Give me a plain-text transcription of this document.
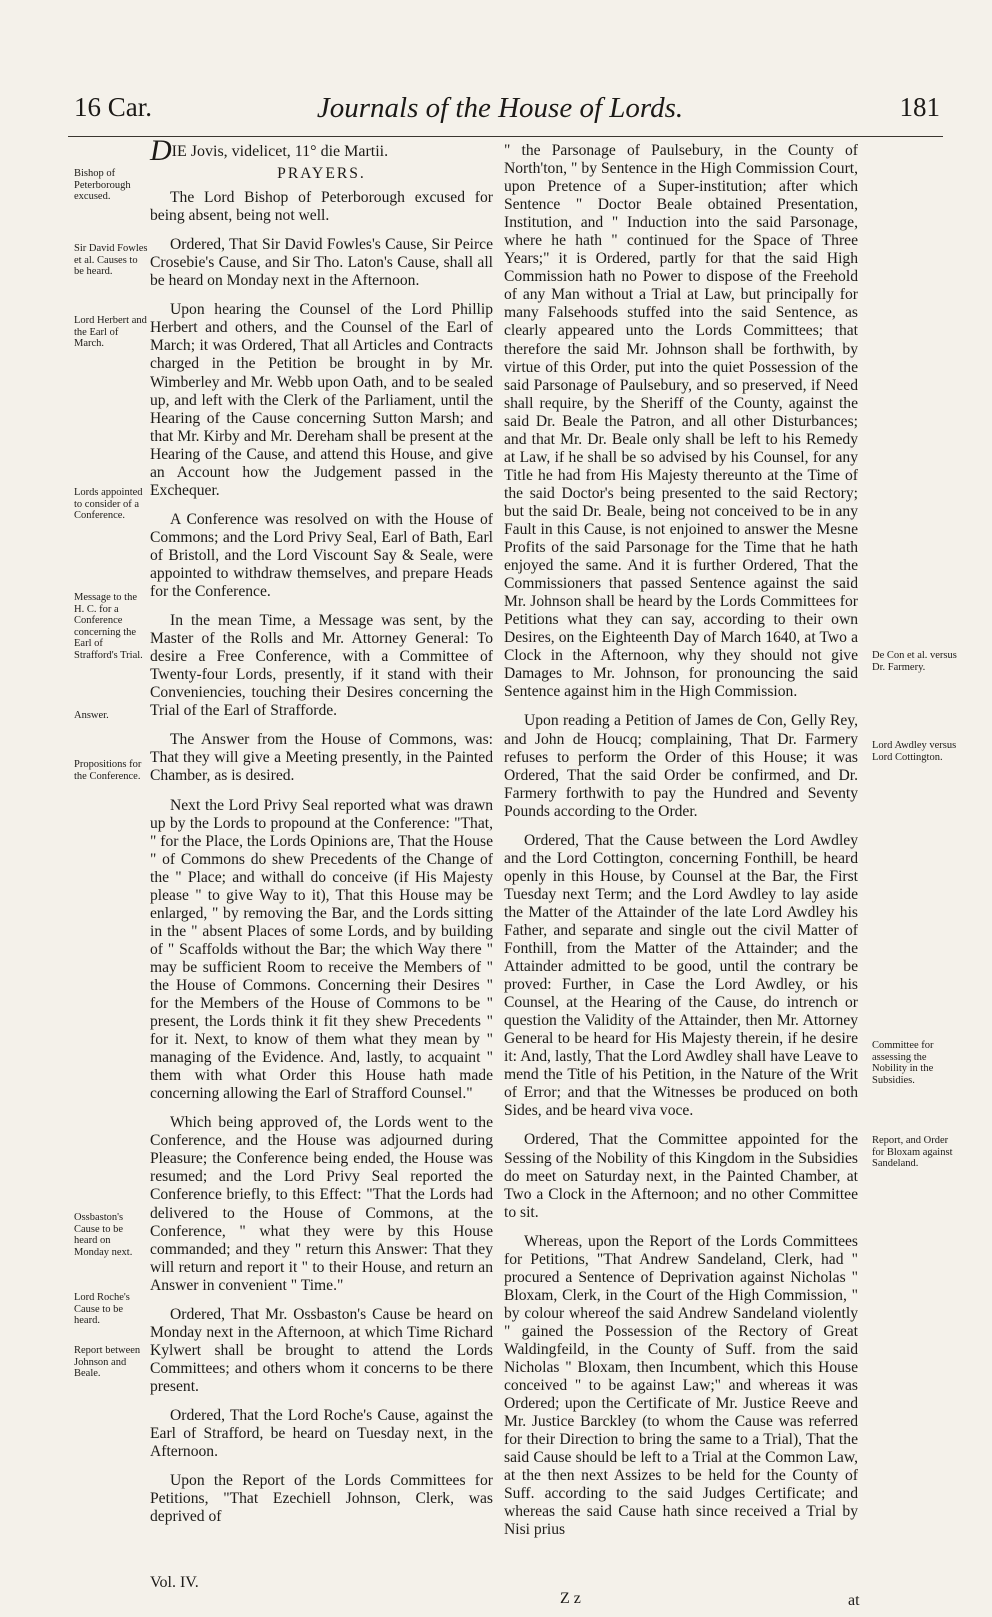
16 Car.	Journals of the House of Lords.	181
DIE Jovis, videlicet, 11° die Martii.
PRAYERS.

The Lord Bishop of Peterborough excused for being absent, being not well.

Ordered, That Sir David Fowles's Cause, Sir Peirce Crosebie's Cause, and Sir Tho. Laton's Cause, shall all be heard on Monday next in the Afternoon.

Upon hearing the Counsel of the Lord Phillip Herbert and others, and the Counsel of the Earl of March; it was Ordered, That all Articles and Contracts charged in the Petition be brought in by Mr. Wimberley and Mr. Webb upon Oath, and to be sealed up, and left with the Clerk of the Parliament, until the Hearing of the Cause concerning Sutton Marsh; and that Mr. Kirby and Mr. Dereham shall be present at the Hearing of the Cause, and attend this House, and give an Account how the Judgement passed in the Exchequer.

A Conference was resolved on with the House of Commons; and the Lord Privy Seal, Earl of Bath, Earl of Bristoll, and the Lord Viscount Say & Seale, were appointed to withdraw themselves, and prepare Heads for the Conference.

In the mean Time, a Message was sent, by the Master of the Rolls and Mr. Attorney General: To desire a Free Conference, with a Committee of Twenty-four Lords, presently, if it stand with their Conveniencies, touching their Desires concerning the Trial of the Earl of Strafforde.

The Answer from the House of Commons, was: That they will give a Meeting presently, in the Painted Chamber, as is desired.

Next the Lord Privy Seal reported what was drawn up by the Lords to propound at the Conference: "That, " for the Place, the Lords Opinions are, That the House " of Commons do shew Precedents of the Change of the " Place; and withall do conceive (if His Majesty please " to give Way to it), That this House may be enlarged, " by removing the Bar, and the Lords sitting in the " absent Places of some Lords, and by building of " Scaffolds without the Bar; the which Way there " may be sufficient Room to receive the Members of " the House of Commons. Concerning their Desires " for the Members of the House of Commons to be " present, the Lords think it fit they shew Precedents " for it. Next, to know of them what they mean by " managing of the Evidence. And, lastly, to acquaint " them with what Order this House hath made concerning allowing the Earl of Strafford Counsel."

Which being approved of, the Lords went to the Conference, and the House was adjourned during Pleasure; the Conference being ended, the House was resumed; and the Lord Privy Seal reported the Conference briefly, to this Effect: "That the Lords had delivered to the House of Commons, at the Conference, " what they were by this House commanded; and they " return this Answer: That they will return and report it " to their House, and return an Answer in convenient " Time."

Ordered, That Mr. Ossbaston's Cause be heard on Monday next in the Afternoon, at which Time Richard Kylwert shall be brought to attend the Lords Committees; and others whom it concerns to be there present.

Ordered, That the Lord Roche's Cause, against the Earl of Strafford, be heard on Tuesday next, in the Afternoon.

Upon the Report of the Lords Committees for Petitions, "That Ezechiell Johnson, Clerk, was deprived of

" the Parsonage of Paulsebury, in the County of North'ton, " by Sentence in the High Commission Court, upon Pretence of a Super-institution; after which Sentence " Doctor Beale obtained Presentation, Institution, and " Induction into the said Parsonage, where he hath " continued for the Space of Three Years;" it is Ordered, partly for that the said High Commission hath no Power to dispose of the Freehold of any Man without a Trial at Law, but principally for many Falsehoods stuffed into the said Sentence, as clearly appeared unto the Lords Committees; that therefore the said Mr. Johnson shall be forthwith, by virtue of this Order, put into the quiet Possession of the said Parsonage of Paulsebury, and so preserved, if Need shall require, by the Sheriff of the County, against the said Dr. Beale the Patron, and all other Disturbances; and that Mr. Dr. Beale only shall be left to his Remedy at Law, if he shall be so advised by his Counsel, for any Title he had from His Majesty thereunto at the Time of the said Doctor's being presented to the said Rectory; but the said Dr. Beale, being not conceived to be in any Fault in this Cause, is not enjoined to answer the Mesne Profits of the said Parsonage for the Time that he hath enjoyed the same. And it is further Ordered, That the Commissioners that passed Sentence against the said Mr. Johnson shall be heard by the Lords Committees for Petitions what they can say, according to their own Desires, on the Eighteenth Day of March 1640, at Two a Clock in the Afternoon, why they should not give Damages to Mr. Johnson, for pronouncing the said Sentence against him in the High Commission.

Upon reading a Petition of James de Con, Gelly Rey, and John de Houcq; complaining, That Dr. Farmery refuses to perform the Order of this House; it was Ordered, That the said Order be confirmed, and Dr. Farmery forthwith to pay the Hundred and Seventy Pounds according to the Order.

Ordered, That the Cause between the Lord Awdley and the Lord Cottington, concerning Fonthill, be heard openly in this House, by Counsel at the Bar, the First Tuesday next Term; and the Lord Awdley to lay aside the Matter of the Attainder of the late Lord Awdley his Father, and separate and single out the civil Matter of Fonthill, from the Matter of the Attainder; and the Attainder admitted to be good, until the contrary be proved: Further, in Case the Lord Awdley, or his Counsel, at the Hearing of the Cause, do intrench or question the Validity of the Attainder, then Mr. Attorney General to be heard for His Majesty therein, if he desire it: And, lastly, That the Lord Awdley shall have Leave to mend the Title of his Petition, in the Nature of the Writ of Error; and that the Witnesses be produced on both Sides, and be heard viva voce.

Ordered, That the Committee appointed for the Sessing of the Nobility of this Kingdom in the Subsidies do meet on Saturday next, in the Painted Chamber, at Two a Clock in the Afternoon; and no other Committee to sit.

Whereas, upon the Report of the Lords Committees for Petitions, "That Andrew Sandeland, Clerk, had " procured a Sentence of Deprivation against Nicholas " Bloxam, Clerk, in the Court of the High Commission, " by colour whereof the said Andrew Sandeland violently " gained the Possession of the Rectory of Great Waldingfeild, in the County of Suff. from the said Nicholas " Bloxam, then Incumbent, which this House conceived " to be against Law;" and whereas it was Ordered; upon the Certificate of Mr. Justice Reeve and Mr. Justice Barckley (to whom the Cause was referred for their Direction to bring the same to a Trial), That the said Cause should be left to a Trial at the Common Law, at the then next Assizes to be held for the County of Suff. according to the said Judges Certificate; and whereas the said Cause hath since received a Trial by Nisi prius

Bishop of Peterborough excused.
Sir David Fowles et al. Causes to be heard.
Lord Herbert and the Earl of March.
Lords appointed to consider of a Conference.
Message to the H. C. for a Conference concerning the Earl of Strafford's Trial.
Answer.
Propositions for the Conference.
Ossbaston's Cause to be heard on Monday next.
Lord Roche's Cause to be heard.
Report between Johnson and Beale.
De Con et al. versus Dr. Farmery.
Lord Awdley versus Lord Cottington.
Committee for assessing the Nobility in the Subsidies.
Report, and Order for Bloxam against Sandeland.
Vol. IV.
Z z	at
